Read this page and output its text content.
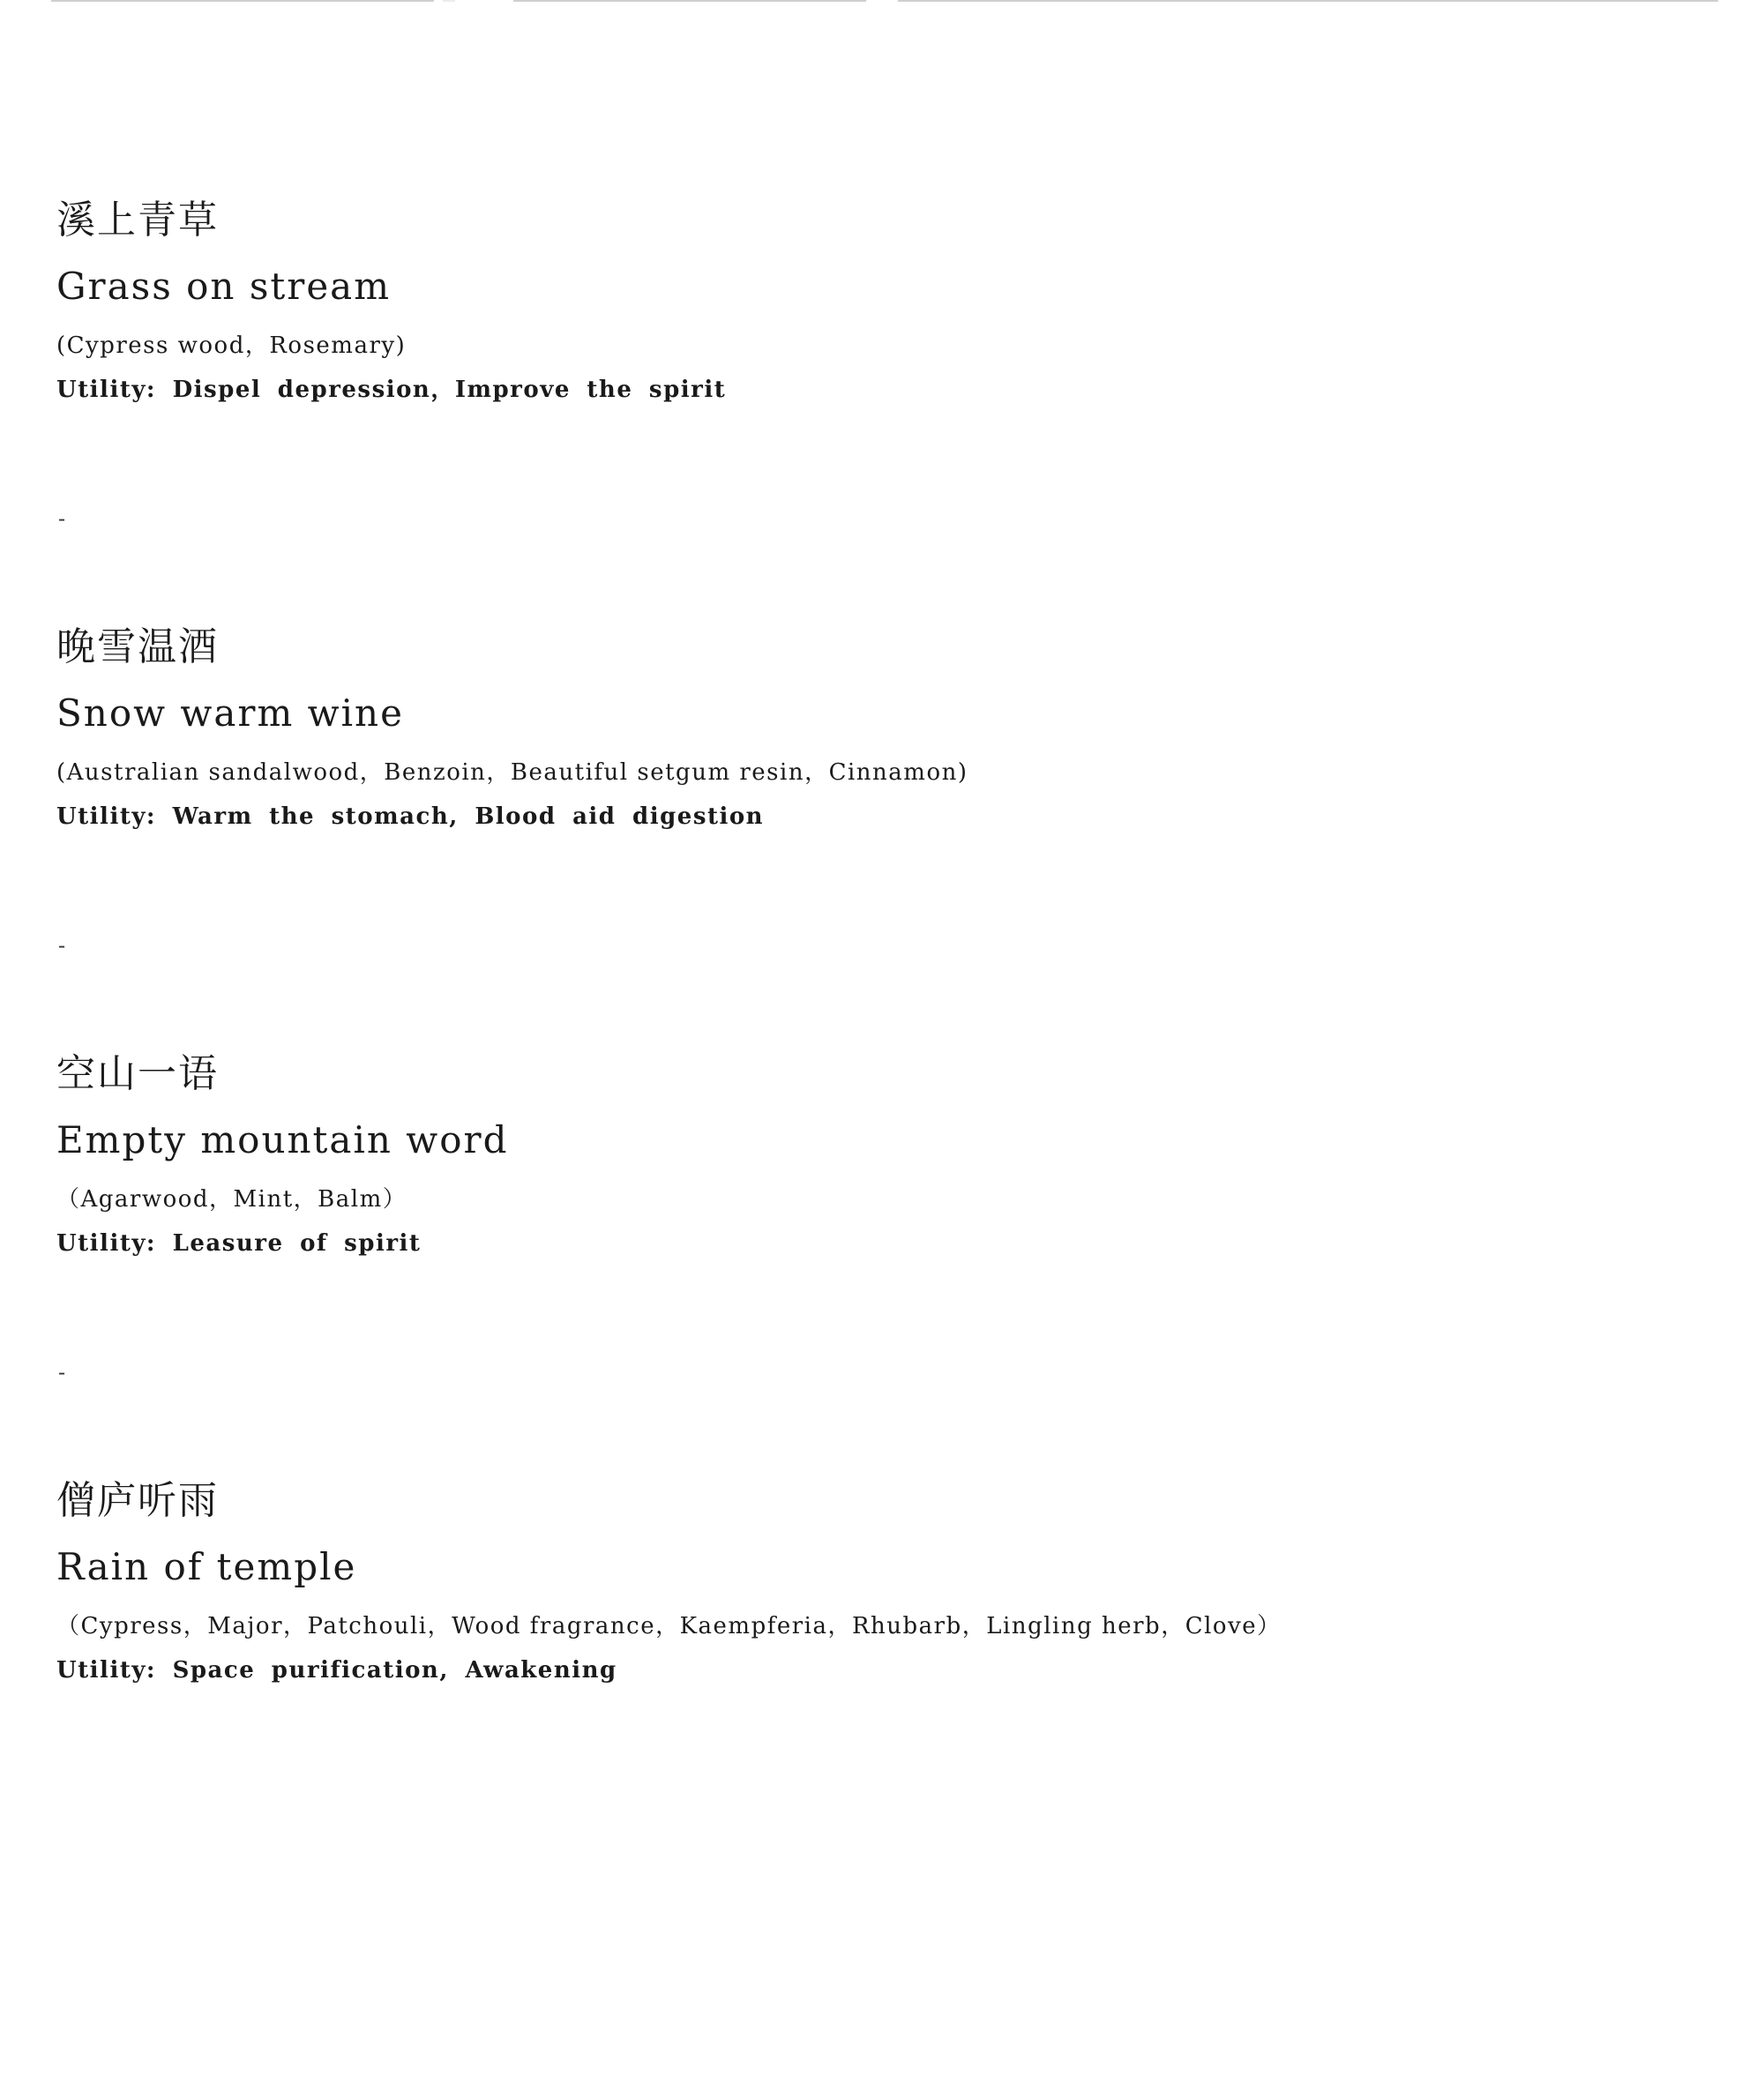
溪上青草
Grass on stream

(Cypress wood，Rosemary)

Utility: Dispel depression，Improve the spirit

-
晚雪温酒
Snow warm wine

(Australian sandalwood，Benzoin，Beautiful setgum resin，Cinnamon)

Utility: Warm the stomach, Blood aid digestion

-
空山一语
Empty mountain word

（Agarwood，Mint，Balm）

Utility: Leasure of spirit

-
僧庐听雨
Rain of temple

（Cypress，Major，Patchouli，Wood fragrance，Kaempferia，Rhubarb，Lingling herb，Clove）

Utility: Space purification, Awakening
